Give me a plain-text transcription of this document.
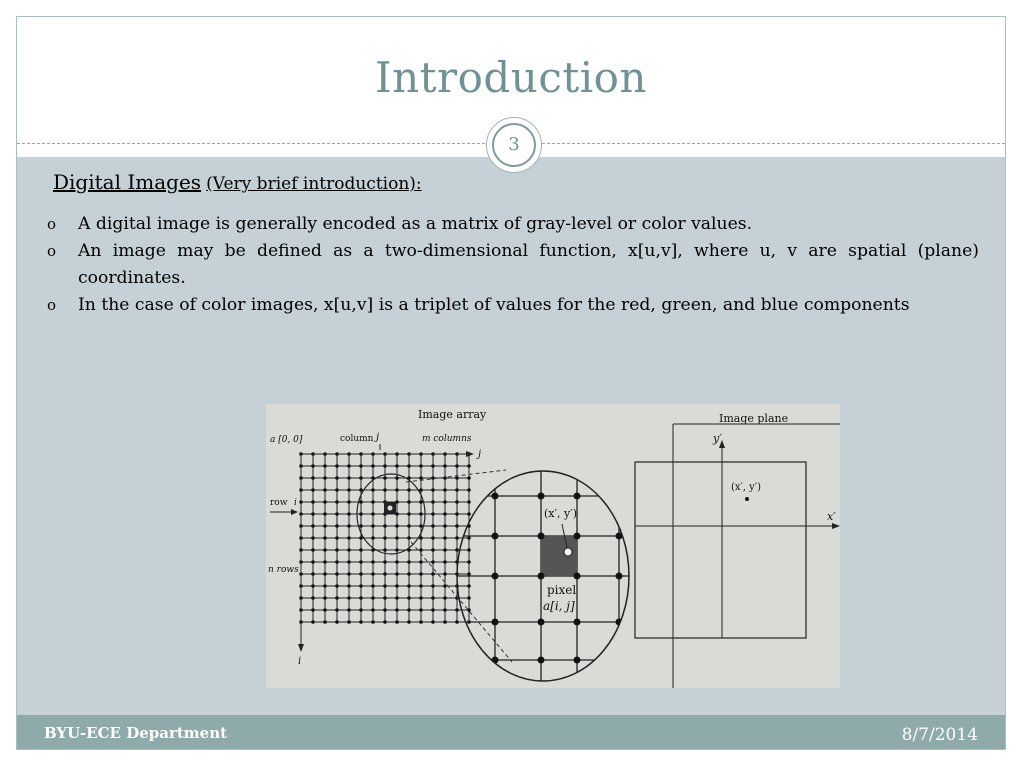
Introduction
3
Digital Images (Very brief introduction):
o A digital image is generally encoded as a matrix of gray-level or color values.
o An image may be defined as a two-dimensional function, x[u,v], where u, v are spatial (plane) coordinates.
o In the case of color images, x[u,v] is a triplet of values for the red, green, and blue components
(x′, y′)
pixel
a[i, j]
(x′, y′)
y′
x′
Image plane
Image array
a [0, 0]	column j	m columns
j
row i
n rows
i
BYU-ECE Department	8/7/2014
